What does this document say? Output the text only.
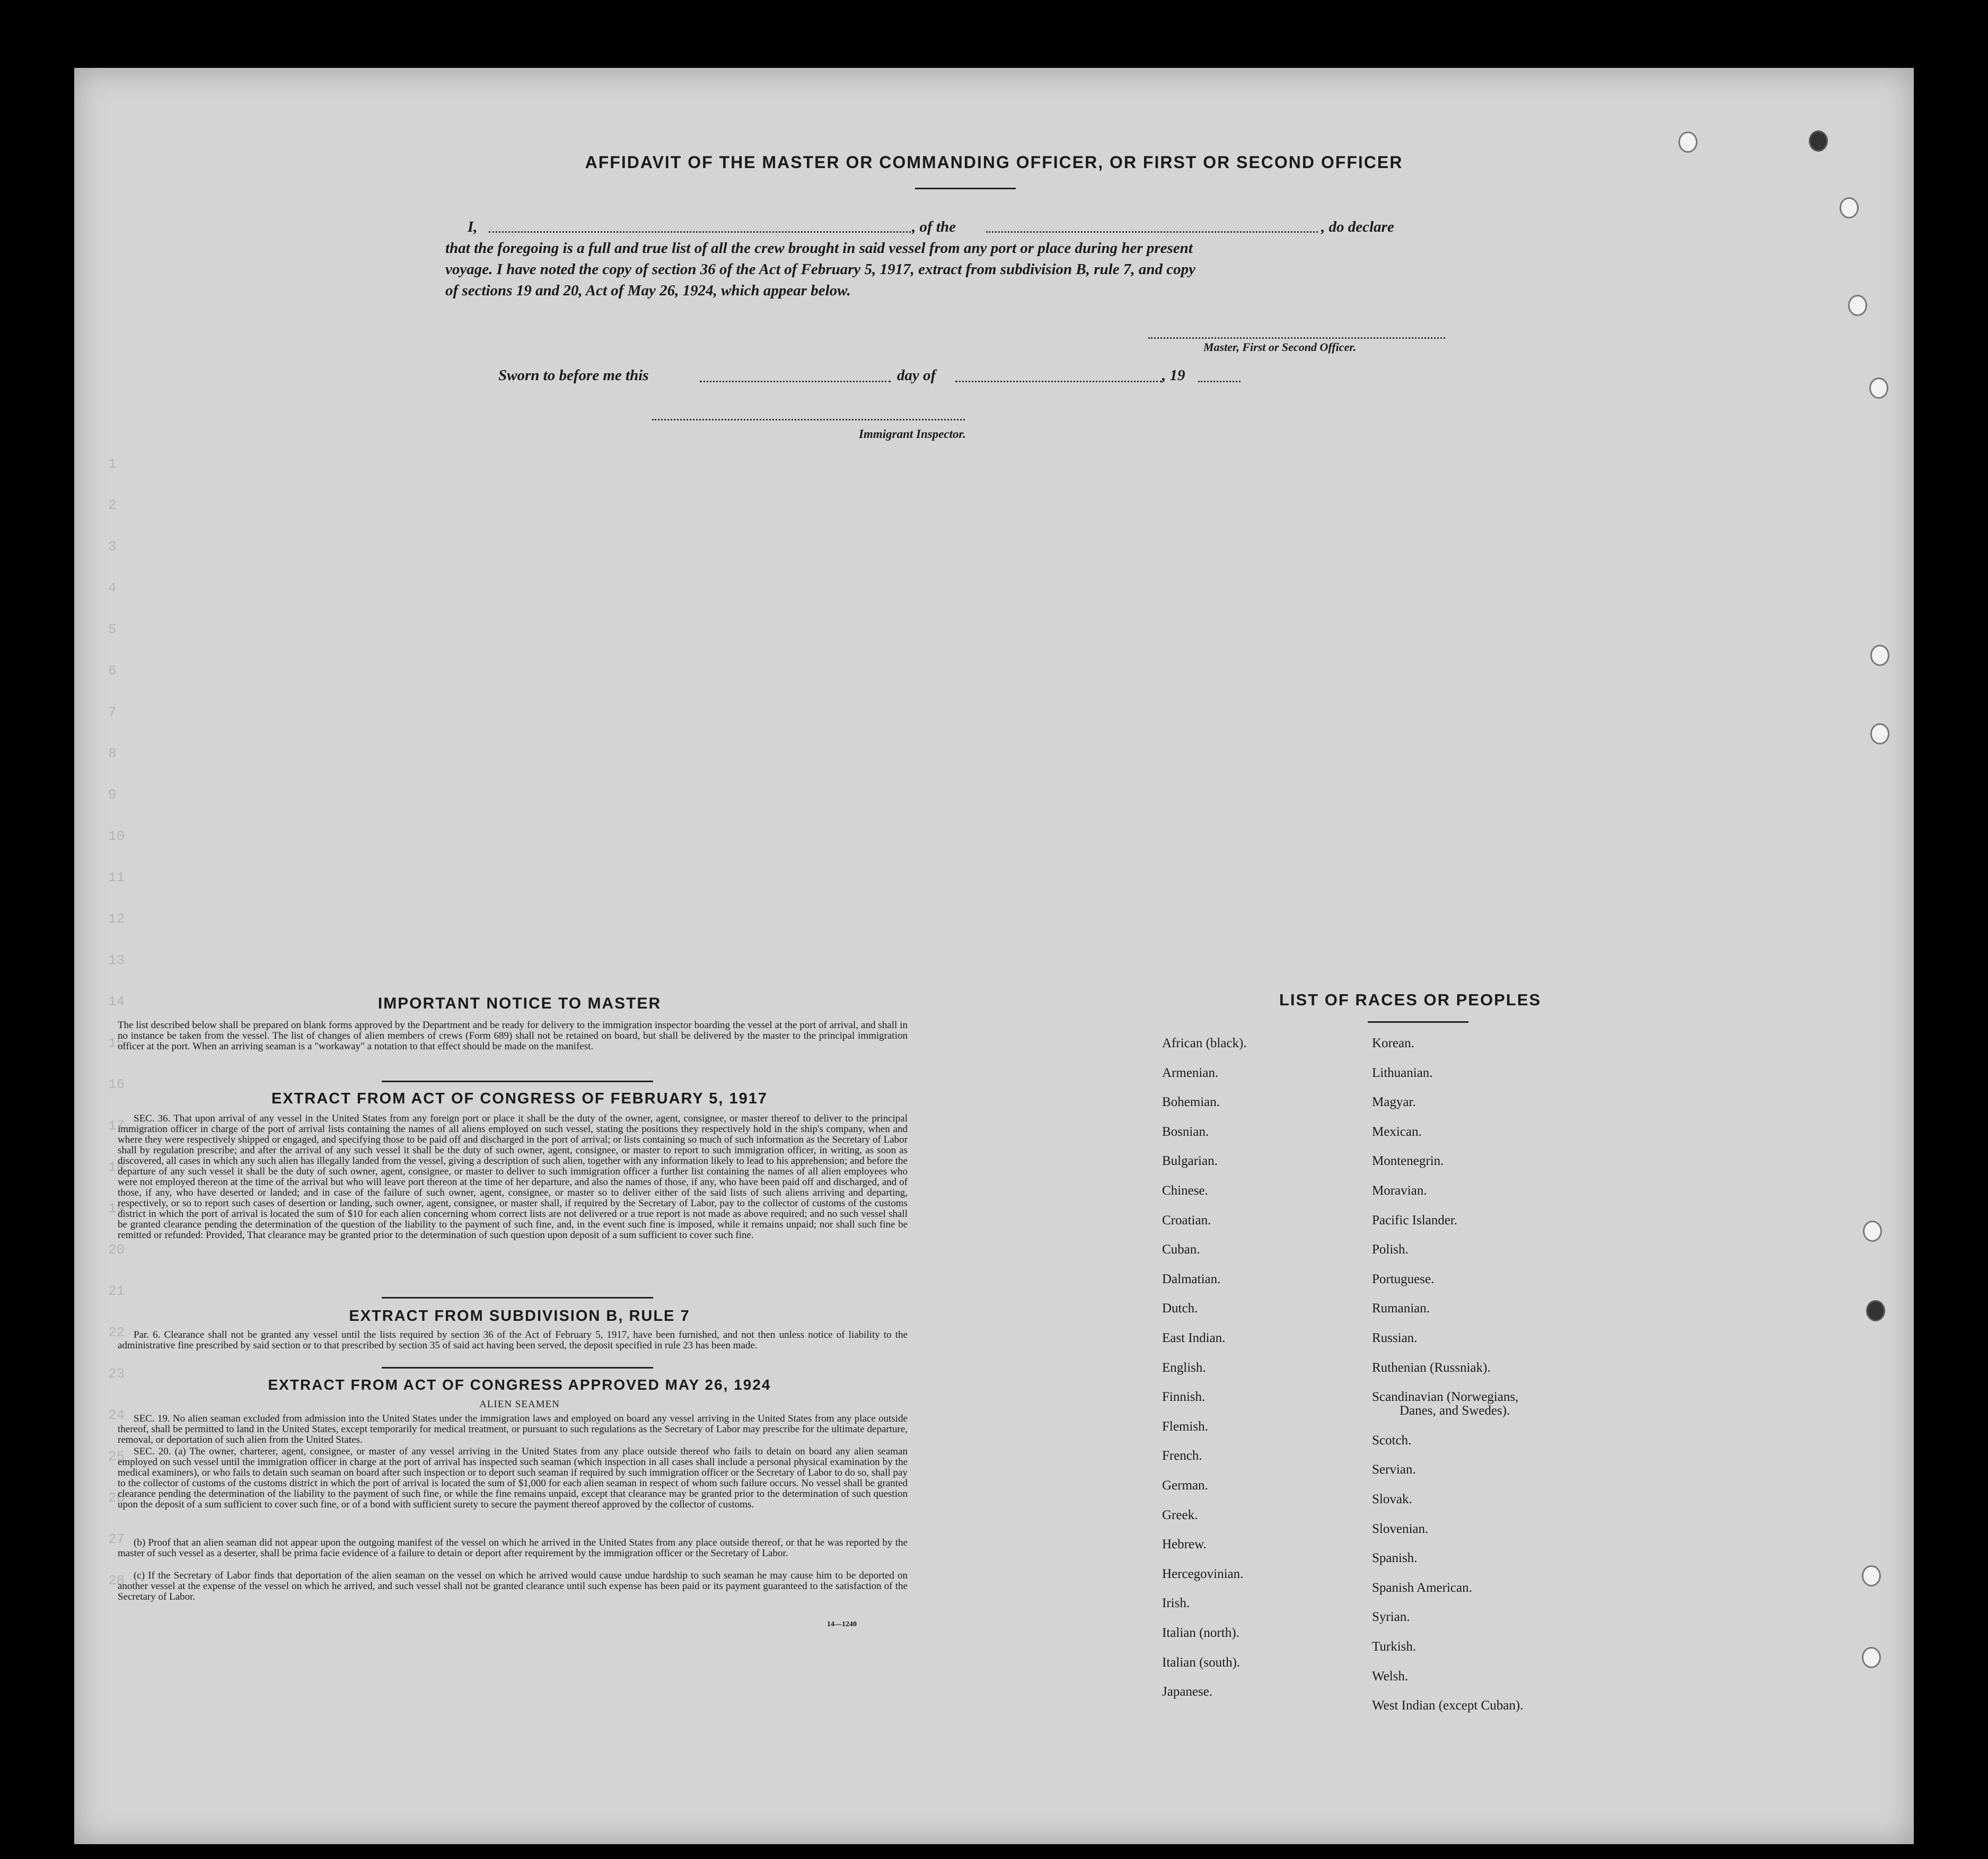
AFFIDAVIT OF THE MASTER OR COMMANDING OFFICER, OR FIRST OR SECOND OFFICER
I,	, of the	, do declare
that the foregoing is a full and true list of all the crew brought in said vessel from any port or place during her present
voyage. I have noted the copy of section 36 of the Act of February 5, 1917, extract from subdivision B, rule 7, and copy
of sections 19 and 20, Act of May 26, 1924, which appear below.
Master, First or Second Officer.
Sworn to before me this	day of	, 19
Immigrant Inspector.
IMPORTANT NOTICE TO MASTER
The list described below shall be prepared on blank forms approved by the Department and be ready for delivery to the immigration inspector boarding the vessel at the port of arrival, and shall in no instance be taken from the vessel. The list of changes of alien members of crews (Form 689) shall not be retained on board, but shall be delivered by the master to the principal immigration officer at the port. When an arriving seaman is a "workaway" a notation to that effect should be made on the manifest.
EXTRACT FROM ACT OF CONGRESS OF FEBRUARY 5, 1917
SEC. 36. That upon arrival of any vessel in the United States from any foreign port or place it shall be the duty of the owner, agent, consignee, or master thereof to deliver to the principal immigration officer in charge of the port of arrival lists containing the names of all aliens employed on such vessel, stating the positions they respectively hold in the ship's company, when and where they were respectively shipped or engaged, and specifying those to be paid off and discharged in the port of arrival; or lists containing so much of such information as the Secretary of Labor shall by regulation prescribe; and after the arrival of any such vessel it shall be the duty of such owner, agent, consignee, or master to report to such immigration officer, in writing, as soon as discovered, all cases in which any such alien has illegally landed from the vessel, giving a description of such alien, together with any information likely to lead to his apprehension; and before the departure of any such vessel it shall be the duty of such owner, agent, consignee, or master to deliver to such immigration officer a further list containing the names of all alien employees who were not employed thereon at the time of the arrival but who will leave port thereon at the time of her departure, and also the names of those, if any, who have been paid off and discharged, and of those, if any, who have deserted or landed; and in case of the failure of such owner, agent, consignee, or master so to deliver either of the said lists of such aliens arriving and departing, respectively, or so to report such cases of desertion or landing, such owner, agent, consignee, or master shall, if required by the Secretary of Labor, pay to the collector of customs of the customs district in which the port of arrival is located the sum of $10 for each alien concerning whom correct lists are not delivered or a true report is not made as above required; and no such vessel shall be granted clearance pending the determination of the question of the liability to the payment of such fine, and, in the event such fine is imposed, while it remains unpaid; nor shall such fine be remitted or refunded: Provided, That clearance may be granted prior to the determination of such question upon deposit of a sum sufficient to cover such fine.
EXTRACT FROM SUBDIVISION B, RULE 7
Par. 6. Clearance shall not be granted any vessel until the lists required by section 36 of the Act of February 5, 1917, have been furnished, and not then unless notice of liability to the administrative fine prescribed by said section or to that prescribed by section 35 of said act having been served, the deposit specified in rule 23 has been made.
EXTRACT FROM ACT OF CONGRESS APPROVED MAY 26, 1924
ALIEN SEAMEN
SEC. 19. No alien seaman excluded from admission into the United States under the immigration laws and employed on board any vessel arriving in the United States from any place outside thereof, shall be permitted to land in the United States, except temporarily for medical treatment, or pursuant to such regulations as the Secretary of Labor may prescribe for the ultimate departure, removal, or deportation of such alien from the United States.
SEC. 20. (a) The owner, charterer, agent, consignee, or master of any vessel arriving in the United States from any place outside thereof who fails to detain on board any alien seaman employed on such vessel until the immigration officer in charge at the port of arrival has inspected such seaman (which inspection in all cases shall include a personal physical examination by the medical examiners), or who fails to detain such seaman on board after such inspection or to deport such seaman if required by such immigration officer or the Secretary of Labor to do so, shall pay to the collector of customs of the customs district in which the port of arrival is located the sum of $1,000 for each alien seaman in respect of whom such failure occurs. No vessel shall be granted clearance pending the determination of the liability to the payment of such fine, or while the fine remains unpaid, except that clearance may be granted prior to the determination of such question upon the deposit of a sum sufficient to cover such fine, or of a bond with sufficient surety to secure the payment thereof approved by the collector of customs.
(b) Proof that an alien seaman did not appear upon the outgoing manifest of the vessel on which he arrived in the United States from any place outside thereof, or that he was reported by the master of such vessel as a deserter, shall be prima facie evidence of a failure to detain or deport after requirement by the immigration officer or the Secretary of Labor.
(c) If the Secretary of Labor finds that deportation of the alien seaman on the vessel on which he arrived would cause undue hardship to such seaman he may cause him to be deported on another vessel at the expense of the vessel on which he arrived, and such vessel shall not be granted clearance until such expense has been paid or its payment guaranteed to the satisfaction of the Secretary of Labor.
14—1240
LIST OF RACES OR PEOPLES
African (black).
Armenian.
Bohemian.
Bosnian.
Bulgarian.
Chinese.
Croatian.
Cuban.
Dalmatian.
Dutch.
East Indian.
English.
Finnish.
Flemish.
French.
German.
Greek.
Hebrew.
Hercegovinian.
Irish.
Italian (north).
Italian (south).
Japanese.
Korean.
Lithuanian.
Magyar.
Mexican.
Montenegrin.
Moravian.
Pacific Islander.
Polish.
Portuguese.
Rumanian.
Russian.
Ruthenian (Russniak).
Scandinavian (Norwegians,
Danes, and Swedes).
Scotch.
Servian.
Slovak.
Slovenian.
Spanish.
Spanish American.
Syrian.
Turkish.
Welsh.
West Indian (except Cuban).
1
2
3
4
5
6
7
8
9
10
11
12
13
14
15
16
17
18
19
20
21
22
23
24
25
26
27
28
